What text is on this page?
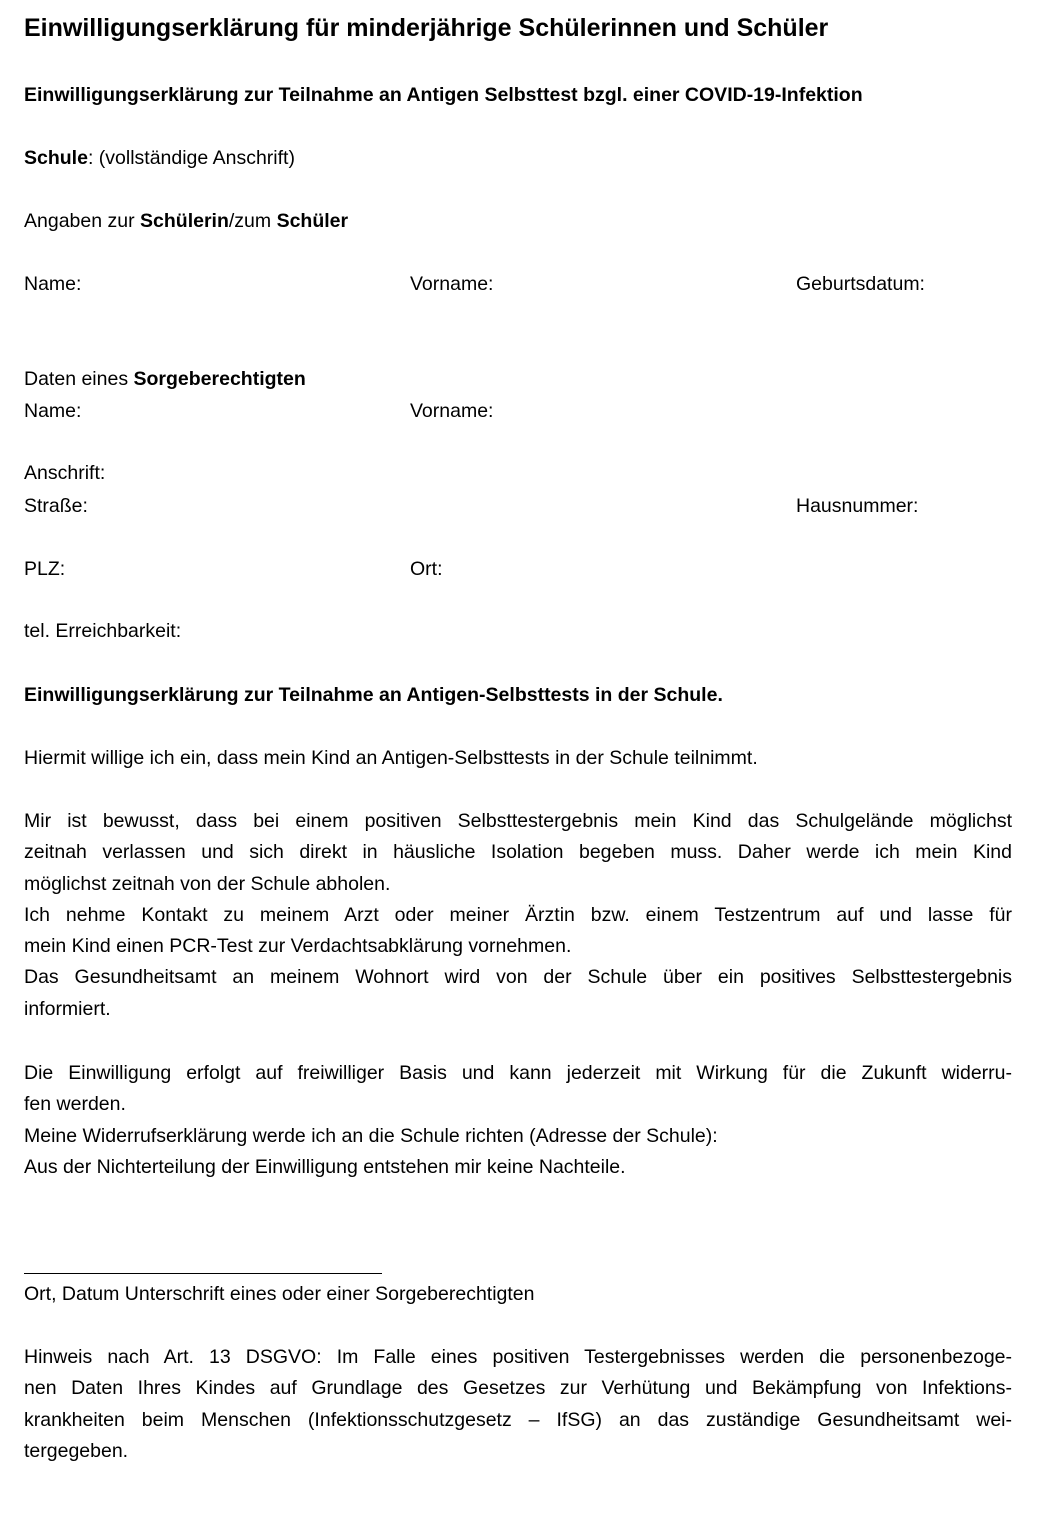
Einwilligungserklärung für minderjährige Schülerinnen und Schüler
Einwilligungserklärung zur Teilnahme an Antigen Selbsttest bzgl. einer COVID-19-Infektion
Schule: (vollständige Anschrift)
Angaben zur Schülerin/zum Schüler
Name:	Vorname:	Geburtsdatum:
Daten eines Sorgeberechtigten
Name:	Vorname:
Anschrift:
Straße:	Hausnummer:
PLZ:	Ort:
tel. Erreichbarkeit:
Einwilligungserklärung zur Teilnahme an Antigen-Selbsttests in der Schule.
Hiermit willige ich ein, dass mein Kind an Antigen-Selbsttests in der Schule teilnimmt.
Mir ist bewusst, dass bei einem positiven Selbsttestergebnis mein Kind das Schulgelände möglichst
zeitnah verlassen und sich direkt in häusliche Isolation begeben muss. Daher werde ich mein Kind
möglichst zeitnah von der Schule abholen.
Ich nehme Kontakt zu meinem Arzt oder meiner Ärztin bzw. einem Testzentrum auf und lasse für
mein Kind einen PCR-Test zur Verdachtsabklärung vornehmen.
Das Gesundheitsamt an meinem Wohnort wird von der Schule über ein positives Selbsttestergebnis
informiert.
Die Einwilligung erfolgt auf freiwilliger Basis und kann jederzeit mit Wirkung für die Zukunft widerru-
fen werden.
Meine Widerrufserklärung werde ich an die Schule richten (Adresse der Schule):
Aus der Nichterteilung der Einwilligung entstehen mir keine Nachteile.
Ort, Datum Unterschrift eines oder einer Sorgeberechtigten
Hinweis nach Art. 13 DSGVO: Im Falle eines positiven Testergebnisses werden die personenbezoge-
nen Daten Ihres Kindes auf Grundlage des Gesetzes zur Verhütung und Bekämpfung von Infektions-
krankheiten beim Menschen (Infektionsschutzgesetz – IfSG) an das zuständige Gesundheitsamt wei-
tergegeben.
